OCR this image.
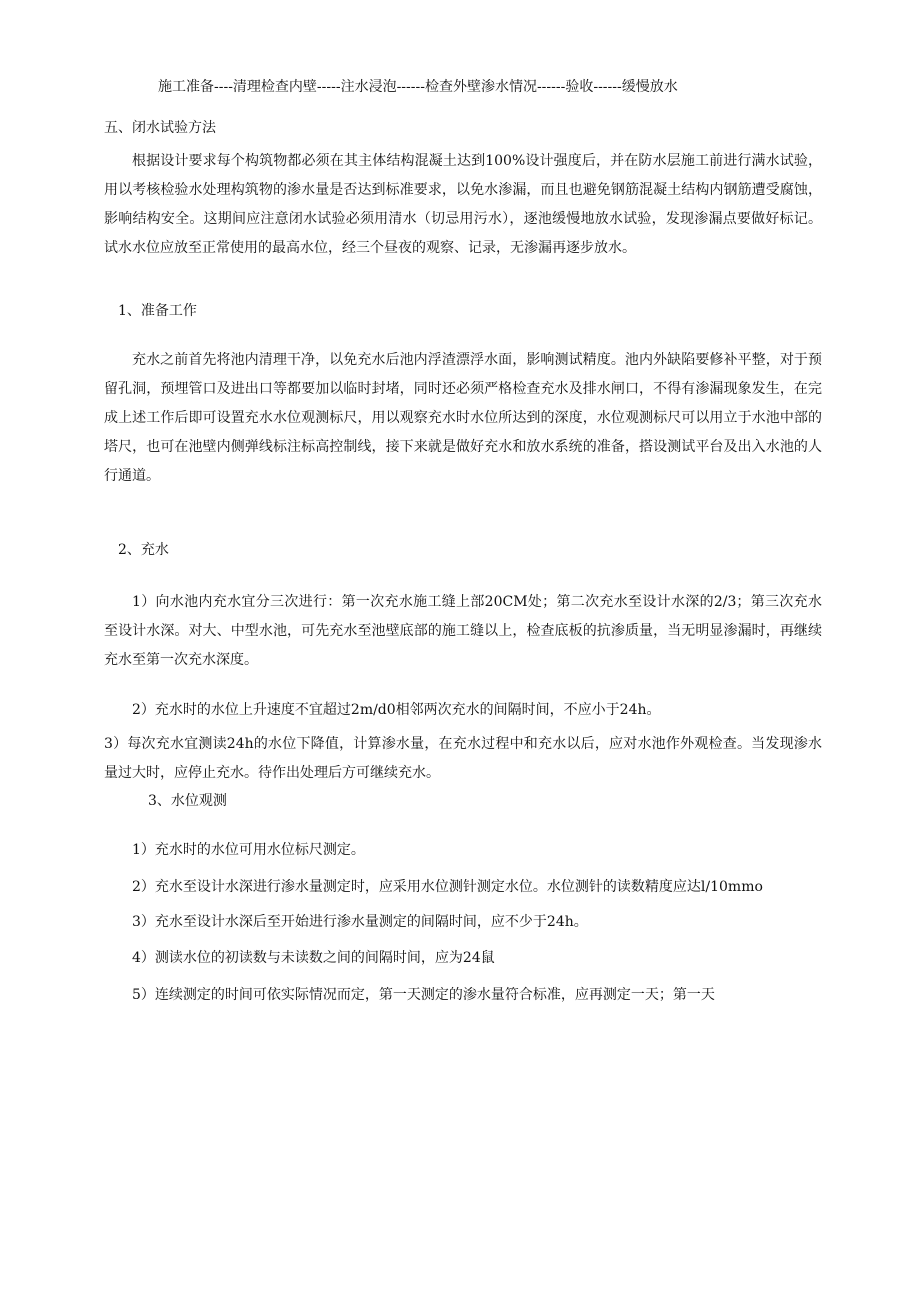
施工准备----清理检查内壁-----注水浸泡------检查外壁渗水情况------验收------缓慢放水
五、闭水试验方法
根据设计要求每个构筑物都必须在其主体结构混凝土达到100%设计强度后，并在防水层施工前进行满水试验，用以考核检验水处理构筑物的渗水量是否达到标准要求，以免水渗漏，而且也避免钢筋混凝土结构内钢筋遭受腐蚀，影响结构安全。这期间应注意闭水试验必须用清水（切忌用污水），逐池缓慢地放水试验，发现渗漏点要做好标记。试水水位应放至正常使用的最高水位，经三个昼夜的观察、记录，无渗漏再逐步放水。
1、准备工作
充水之前首先将池内清理干净，以免充水后池内浮渣漂浮水面，影响测试精度。池内外缺陷要修补平整，对于预留孔洞，预埋管口及进出口等都要加以临时封堵，同时还必须严格检查充水及排水闸口，不得有渗漏现象发生，在完成上述工作后即可设置充水水位观测标尺，用以观察充水时水位所达到的深度，水位观测标尺可以用立于水池中部的塔尺，也可在池壁内侧弹线标注标高控制线，接下来就是做好充水和放水系统的准备，搭设测试平台及出入水池的人行通道。
2、充水
1）向水池内充水宜分三次进行：第一次充水施工缝上部20CM处；第二次充水至设计水深的2/3；第三次充水至设计水深。对大、中型水池，可先充水至池壁底部的施工缝以上，检查底板的抗渗质量，当无明显渗漏时，再继续充水至第一次充水深度。
2）充水时的水位上升速度不宜超过2m∕d0相邻两次充水的间隔时间，不应小于24h。
3）每次充水宜测读24h的水位下降值，计算渗水量，在充水过程中和充水以后，应对水池作外观检查。当发现渗水量过大时，应停止充水。待作出处理后方可继续充水。
3、水位观测
1）充水时的水位可用水位标尺测定。
2）充水至设计水深进行渗水量测定时，应采用水位测针测定水位。水位测针的读数精度应达l∕10mmo
3）充水至设计水深后至开始进行渗水量测定的间隔时间，应不少于24h。
4）测读水位的初读数与未读数之间的间隔时间，应为24鼠
5）连续测定的时间可依实际情况而定，第一天测定的渗水量符合标准，应再测定一天；第一天
